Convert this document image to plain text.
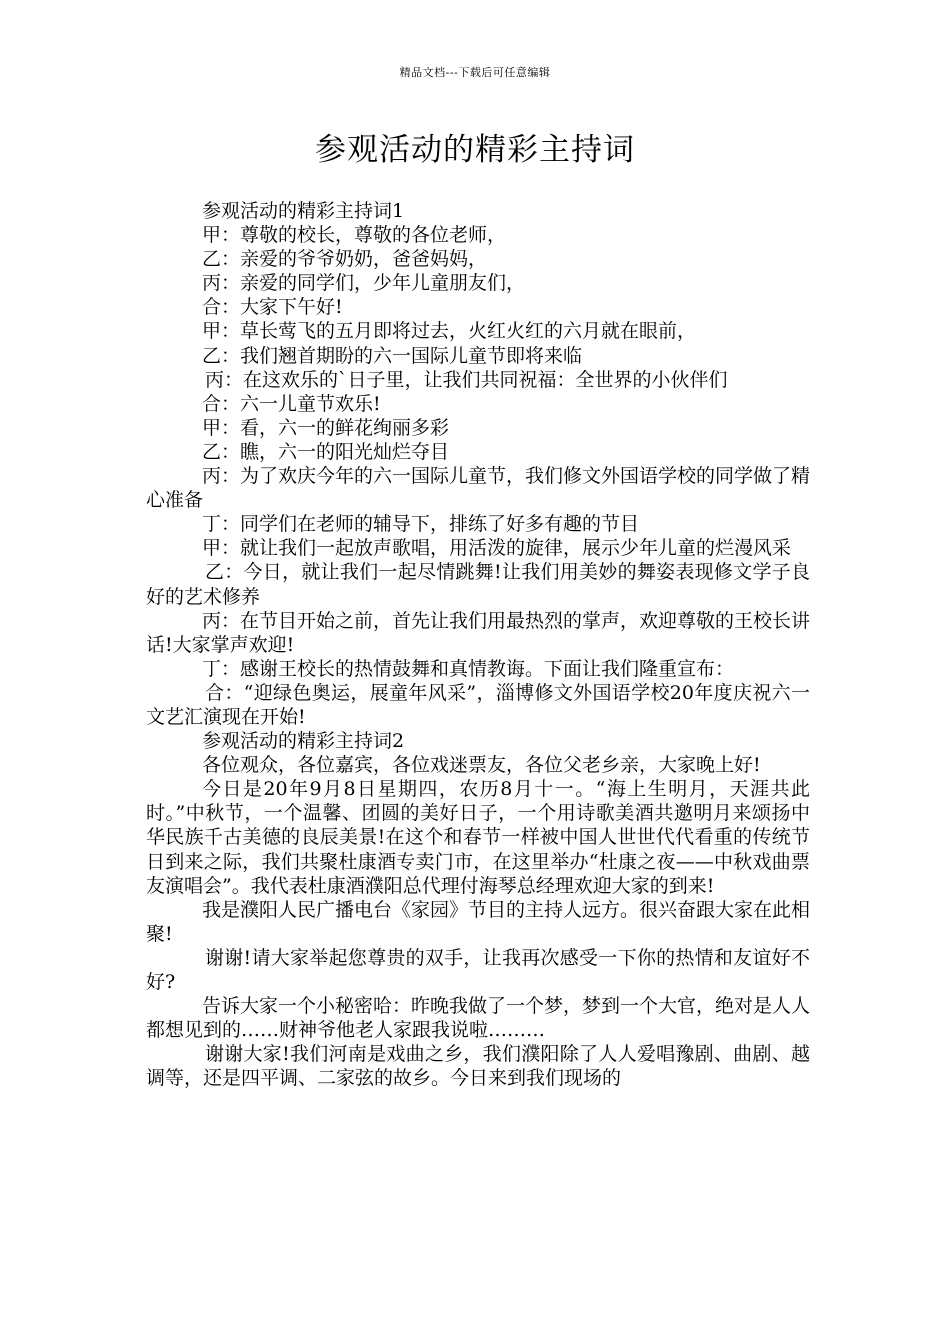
精品文档---下载后可任意编辑
参观活动的精彩主持词

参观活动的精彩主持词1

甲：尊敬的校长，尊敬的各位老师，

乙：亲爱的爷爷奶奶，爸爸妈妈，

丙：亲爱的同学们，少年儿童朋友们，

合：大家下午好!

甲：草长莺飞的五月即将过去，火红火红的六月就在眼前，

乙：我们翘首期盼的六一国际儿童节即将来临

丙：在这欢乐的`日子里，让我们共同祝福：全世界的小伙伴们

合：六一儿童节欢乐!

甲：看，六一的鲜花绚丽多彩

乙：瞧，六一的阳光灿烂夺目

丙：为了欢庆今年的六一国际儿童节，我们修文外国语学校的同学做了精心准备

丁：同学们在老师的辅导下，排练了好多有趣的节目

甲：就让我们一起放声歌唱，用活泼的旋律，展示少年儿童的烂漫风采

乙：今日，就让我们一起尽情跳舞!让我们用美妙的舞姿表现修文学子良好的艺术修养

丙：在节目开始之前，首先让我们用最热烈的掌声，欢迎尊敬的王校长讲话!大家掌声欢迎!

丁：感谢王校长的热情鼓舞和真情教诲。下面让我们隆重宣布：

合：“迎绿色奥运，展童年风采”，淄博修文外国语学校20年度庆祝六一文艺汇演现在开始!

参观活动的精彩主持词2

各位观众，各位嘉宾，各位戏迷票友，各位父老乡亲，大家晚上好!

今日是20年9月8日星期四，农历8月十一。“海上生明月，天涯共此时。”中秋节，一个温馨、团圆的美好日子，一个用诗歌美酒共邀明月来颂扬中华民族千古美德的良辰美景!在这个和春节一样被中国人世世代代看重的传统节日到来之际，我们共聚杜康酒专卖门市，在这里举办“杜康之夜——中秋戏曲票友演唱会”。我代表杜康酒濮阳总代理付海琴总经理欢迎大家的到来!

我是濮阳人民广播电台《家园》节目的主持人远方。很兴奋跟大家在此相聚!

谢谢!请大家举起您尊贵的双手，让我再次感受一下你的热情和友谊好不好?

告诉大家一个小秘密哈：昨晚我做了一个梦，梦到一个大官，绝对是人人都想见到的……财神爷他老人家跟我说啦………

谢谢大家!我们河南是戏曲之乡，我们濮阳除了人人爱唱豫剧、曲剧、越调等，还是四平调、二家弦的故乡。今日来到我们现场的
